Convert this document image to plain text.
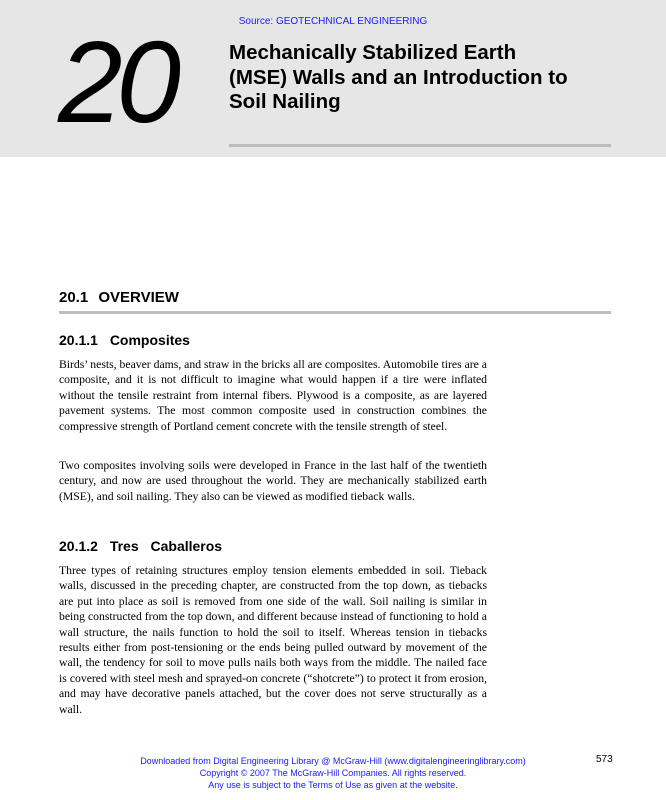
Source: GEOTECHNICAL ENGINEERING
20	Mechanically Stabilized Earth (MSE) Walls and an Introduction to Soil Nailing
20.1 OVERVIEW
20.1.1 Composites

Birds’ nests, beaver dams, and straw in the bricks all are composites. Automobile tires are a composite, and it is not difficult to imagine what would happen if a tire were inflated without the tensile restraint from internal fibers. Plywood is a composite, as are layered pavement systems. The most common composite used in construction combines the compressive strength of Portland cement concrete with the tensile strength of steel.

Two composites involving soils were developed in France in the last half of the twentieth century, and now are used throughout the world. They are mechanically stabilized earth (MSE), and soil nailing. They also can be viewed as modified tieback walls.

20.1.2 Tres Caballeros

Three types of retaining structures employ tension elements embedded in soil. Tieback walls, discussed in the preceding chapter, are constructed from the top down, as tiebacks are put into place as soil is removed from one side of the wall. Soil nailing is similar in being constructed from the top down, and different because instead of functioning to hold a wall structure, the nails function to hold the soil to itself. Whereas tension in tiebacks results either from post-tensioning or the ends being pulled outward by movement of the wall, the tendency for soil to move pulls nails both ways from the middle. The nailed face is covered with steel mesh and sprayed-on concrete (“shotcrete”) to protect it from erosion, and may have decorative panels attached, but the cover does not serve structurally as a wall.

Downloaded from Digital Engineering Library @ McGraw-Hill (www.digitalengineeringlibrary.com)
Copyright © 2007 The McGraw-Hill Companies. All rights reserved.
Any use is subject to the Terms of Use as given at the website.
573
